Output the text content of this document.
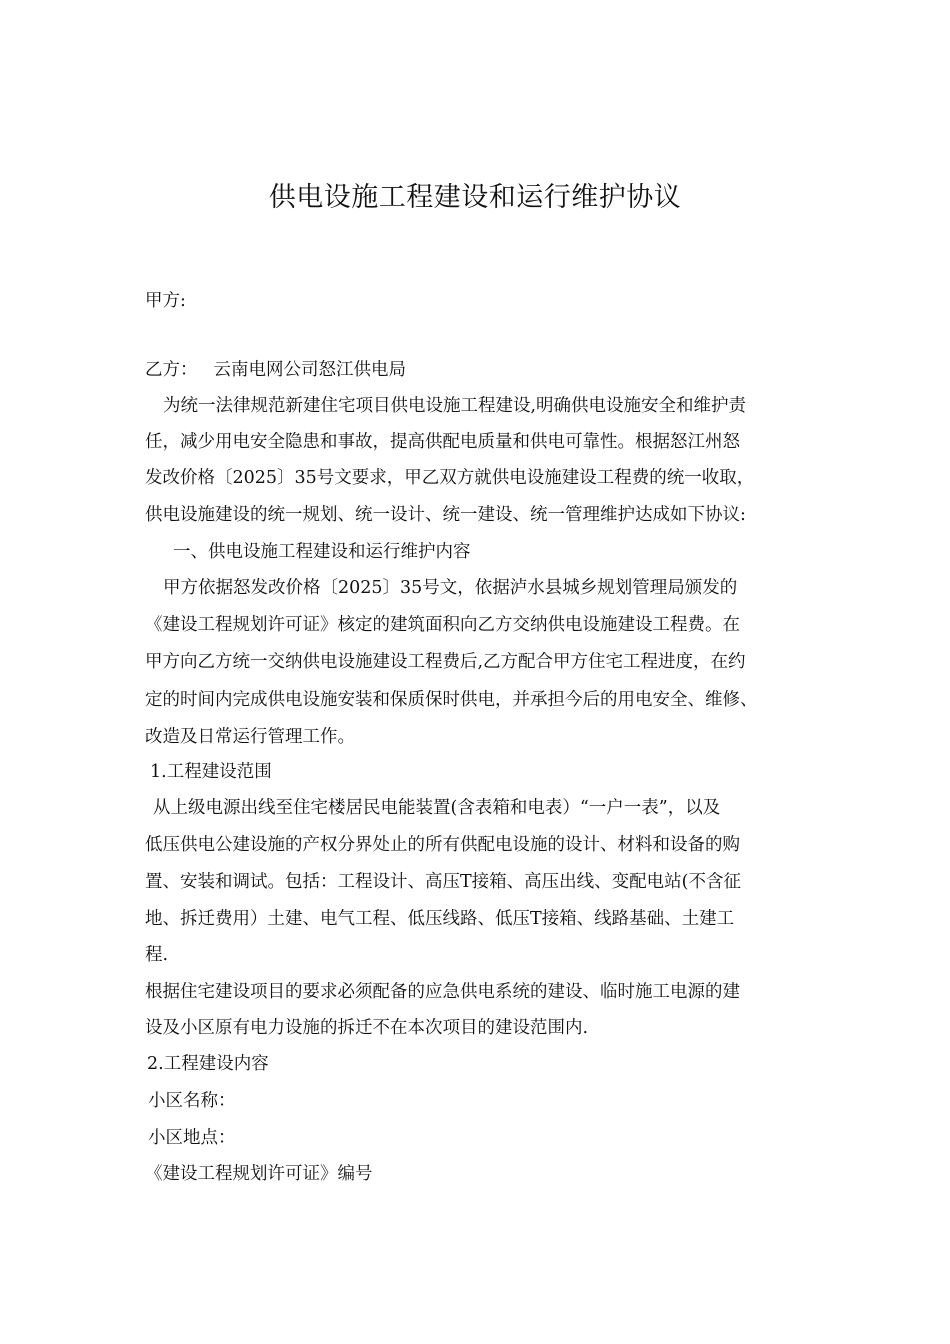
供电设施工程建设和运行维护协议
甲方:
乙方： 云南电网公司怒江供电局
为统一法律规范新建住宅项目供电设施工程建设,明确供电设施安全和维护责
任，减少用电安全隐患和事故，提高供配电质量和供电可靠性。根据怒江州怒
发改价格〔2025〕35号文要求，甲乙双方就供电设施建设工程费的统一收取，
供电设施建设的统一规划、统一设计、统一建设、统一管理维护达成如下协议:
一、供电设施工程建设和运行维护内容
甲方依据怒发改价格〔2025〕35号文，依据泸水县城乡规划管理局颁发的
《建设工程规划许可证》核定的建筑面积向乙方交纳供电设施建设工程费。在
甲方向乙方统一交纳供电设施建设工程费后,乙方配合甲方住宅工程进度，在约
定的时间内完成供电设施安装和保质保时供电，并承担今后的用电安全、维修、
改造及日常运行管理工作。
1.工程建设范围
从上级电源出线至住宅楼居民电能装置(含表箱和电表）“一户一表”，以及
低压供电公建设施的产权分界处止的所有供配电设施的设计、材料和设备的购
置、安装和调试。包括：工程设计、高压T接箱、高压出线、变配电站(不含征
地、拆迁费用）土建、电气工程、低压线路、低压T接箱、线路基础、土建工
程.
根据住宅建设项目的要求必须配备的应急供电系统的建设、临时施工电源的建
设及小区原有电力设施的拆迁不在本次项目的建设范围内.
2.工程建设内容
小区名称：
小区地点：
《建设工程规划许可证》编号
